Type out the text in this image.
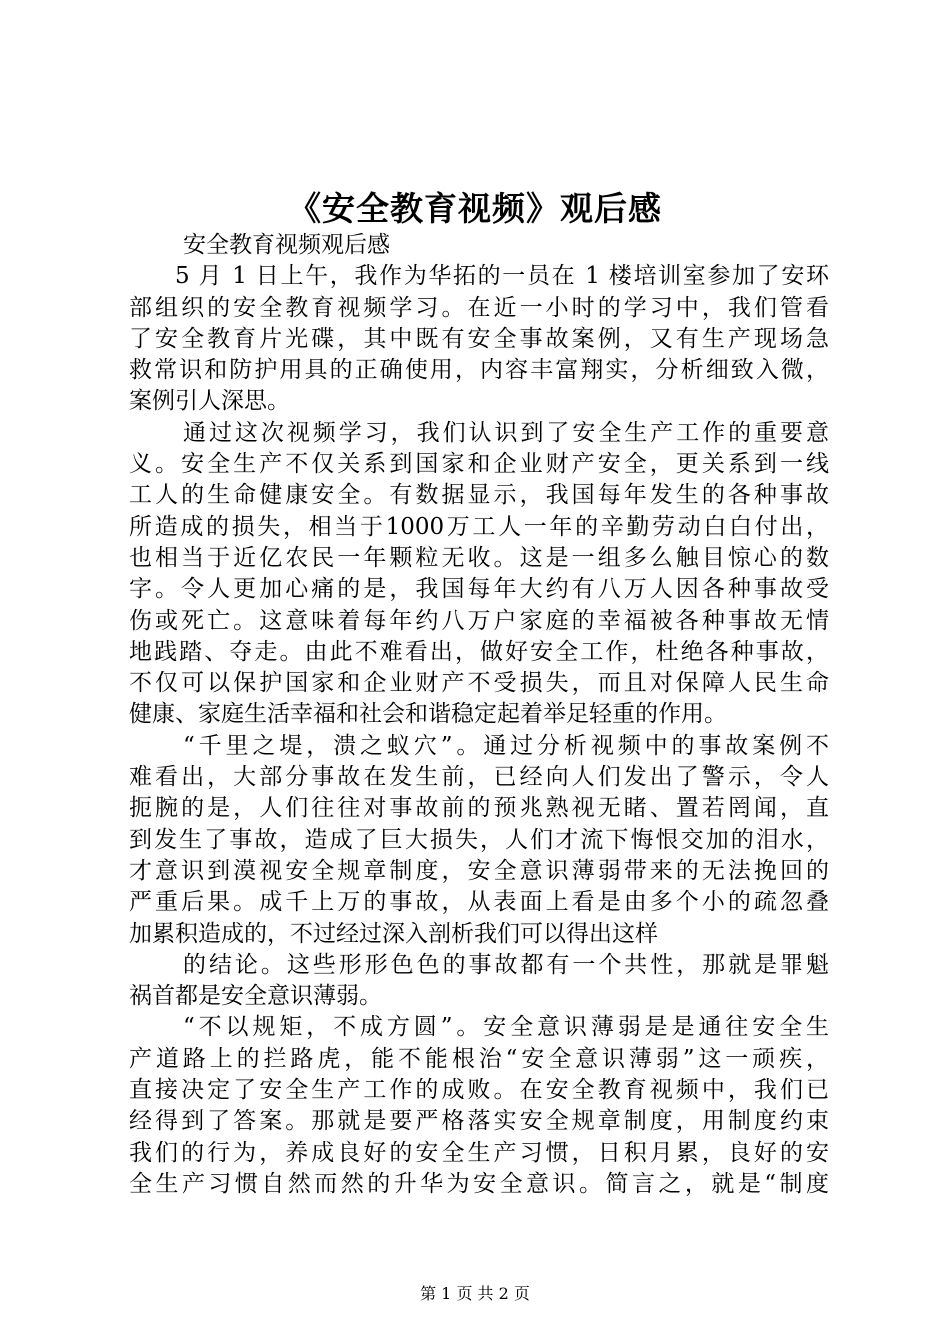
《安全教育视频》观后感
安全教育视频观后感
5 月 1 日上午，我作为华拓的一员在 1 楼培训室参加了安环
部组织的安全教育视频学习。在近一小时的学习中，我们管看
了安全教育片光碟，其中既有安全事故案例，又有生产现场急
救常识和防护用具的正确使用，内容丰富翔实，分析细致入微，
案例引人深思。
通过这次视频学习，我们认识到了安全生产工作的重要意
义。安全生产不仅关系到国家和企业财产安全，更关系到一线
工人的生命健康安全。有数据显示，我国每年发生的各种事故
所造成的损失，相当于1000万工人一年的辛勤劳动白白付出，
也相当于近亿农民一年颗粒无收。这是一组多么触目惊心的数
字。令人更加心痛的是，我国每年大约有八万人因各种事故受
伤或死亡。这意味着每年约八万户家庭的幸福被各种事故无情
地践踏、夺走。由此不难看出，做好安全工作，杜绝各种事故，
不仅可以保护国家和企业财产不受损失，而且对保障人民生命
健康、家庭生活幸福和社会和谐稳定起着举足轻重的作用。
“千里之堤，溃之蚁穴”。通过分析视频中的事故案例不
难看出，大部分事故在发生前，已经向人们发出了警示，令人
扼腕的是，人们往往对事故前的预兆熟视无睹、置若罔闻，直
到发生了事故，造成了巨大损失，人们才流下悔恨交加的泪水，
才意识到漠视安全规章制度，安全意识薄弱带来的无法挽回的
严重后果。成千上万的事故，从表面上看是由多个小的疏忽叠
加累积造成的，不过经过深入剖析我们可以得出这样
的结论。这些形形色色的事故都有一个共性，那就是罪魁
祸首都是安全意识薄弱。
“不以规矩，不成方圆”。安全意识薄弱是是通往安全生
产道路上的拦路虎，能不能根治“安全意识薄弱”这一顽疾，
直接决定了安全生产工作的成败。在安全教育视频中，我们已
经得到了答案。那就是要严格落实安全规章制度，用制度约束
我们的行为，养成良好的安全生产习惯，日积月累，良好的安
全生产习惯自然而然的升华为安全意识。简言之，就是“制度
第 1 页 共 2 页
